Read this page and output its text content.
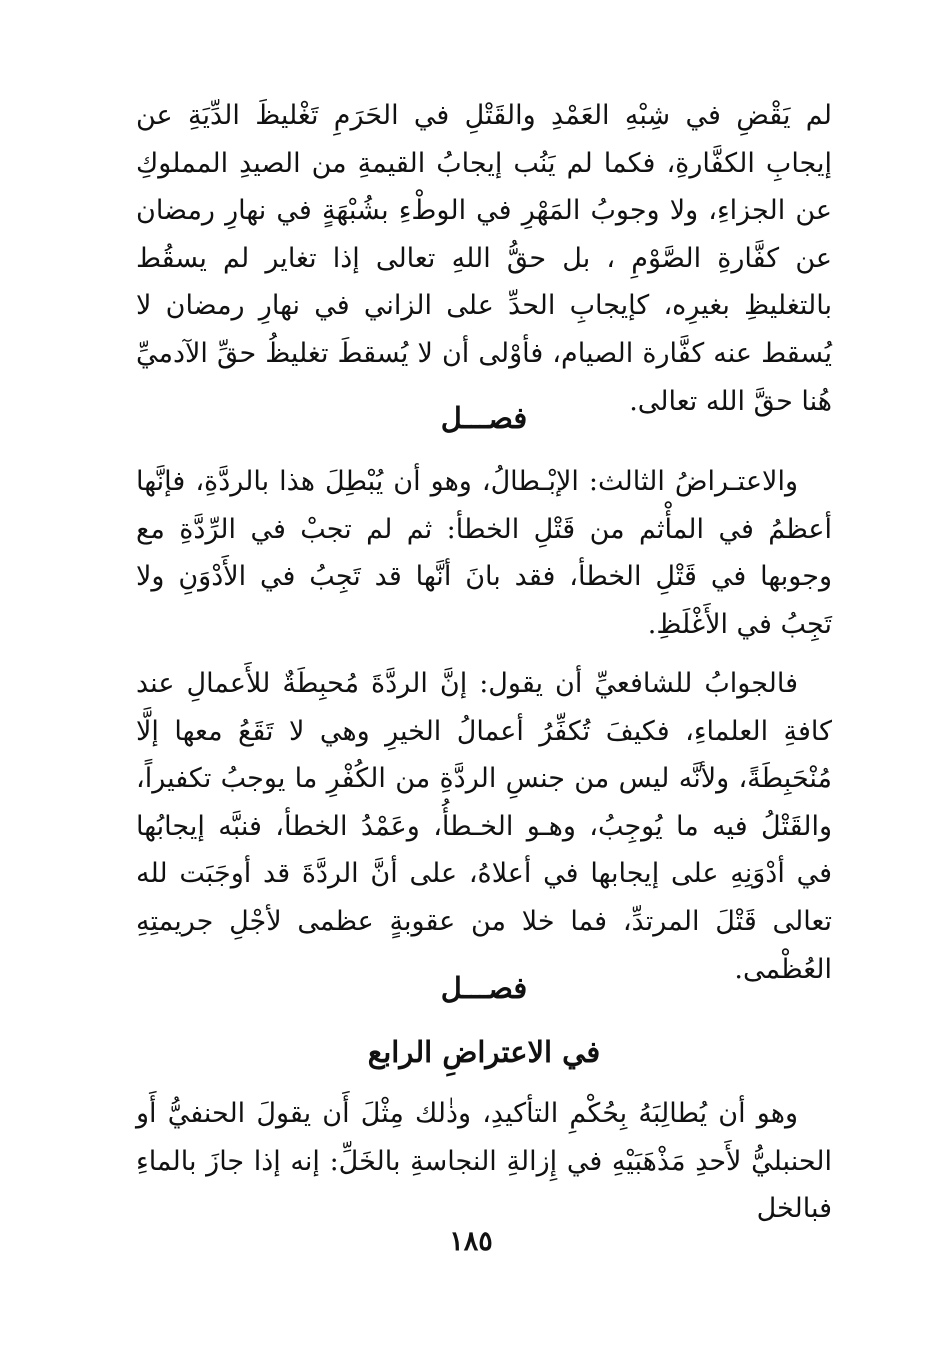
لم يَقْضِ في شِبْهِ العَمْدِ والقَتْلِ في الحَرَمِ تَغْليظَ الدِّيَةِ عن إيجابِ الكفَّارةِ، فكما لم يَنُب إيجابُ القيمةِ من الصيدِ المملوكِ عن الجزاءِ، ولا وجوبُ المَهْرِ في الوطْءِ بشُبْهَةٍ في نهارِ رمضان عن كفَّارةِ الصَّوْمِ ، بل حقُّ اللهِ تعالى إذا تغاير لم يسقُط بالتغليظِ بغيرِه، كإيجابِ الحدِّ على الزاني في نهارِ رمضان لا يُسقط عنه كفَّارة الصيام، فأوْلى أن لا يُسقطَ تغليظُ حقِّ الآدميِّ هُنا حقَّ الله تعالى.

فصـــل

والاعتـراضُ الثالث: الإبْـطالُ، وهو أن يُبْطِلَ هذا بالردَّةِ، فإنَّها أعظمُ في المأْثم من قَتْلِ الخطأ: ثم لم تجبْ في الرِّدَّةِ مع وجوبها في قَتْلِ الخطأ، فقد بانَ أنَّها قد تَجِبُ في الأَدْوَنِ ولا تَجِبُ في الأَغْلَظِ.

فالجوابُ للشافعيِّ أن يقول: إنَّ الردَّةَ مُحبِطَةٌ للأَعمالِ عند كافةِ العلماءِ، فكيفَ تُكفِّرُ أعمالُ الخيرِ وهي لا تَقَعُ معها إلَّا مُنْحَبِطَةً، ولأنَّه ليس من جنسِ الردَّةِ من الكُفْرِ ما يوجبُ تكفيراً، والقَتْلُ فيه ما يُوجِبُ، وهـو الخـطأُ، وعَمْدُ الخطأ، فنبَّه إيجابُها في أدْوَنِهِ على إيجابها في أعلاهُ، على أنَّ الردَّةَ قد أوجَبَت لله تعالى قَتْلَ المرتدِّ، فما خلا من عقوبةٍ عظمى لأجْلِ جريمتِهِ العُظْمى.

فصـــل
في الاعتراضِ الرابع

وهو أن يُطالِبَهُ بِحُكْمِ التأكيدِ، وذٰلك مِثْلَ أَن يقولَ الحنفيُّ أَو الحنبليُّ لأَحدِ مَذْهَبَيْهِ في إِزالةِ النجاسةِ بالخَلِّ: إنه إذا جازَ بالماءِ فبالخل

١٨٥
